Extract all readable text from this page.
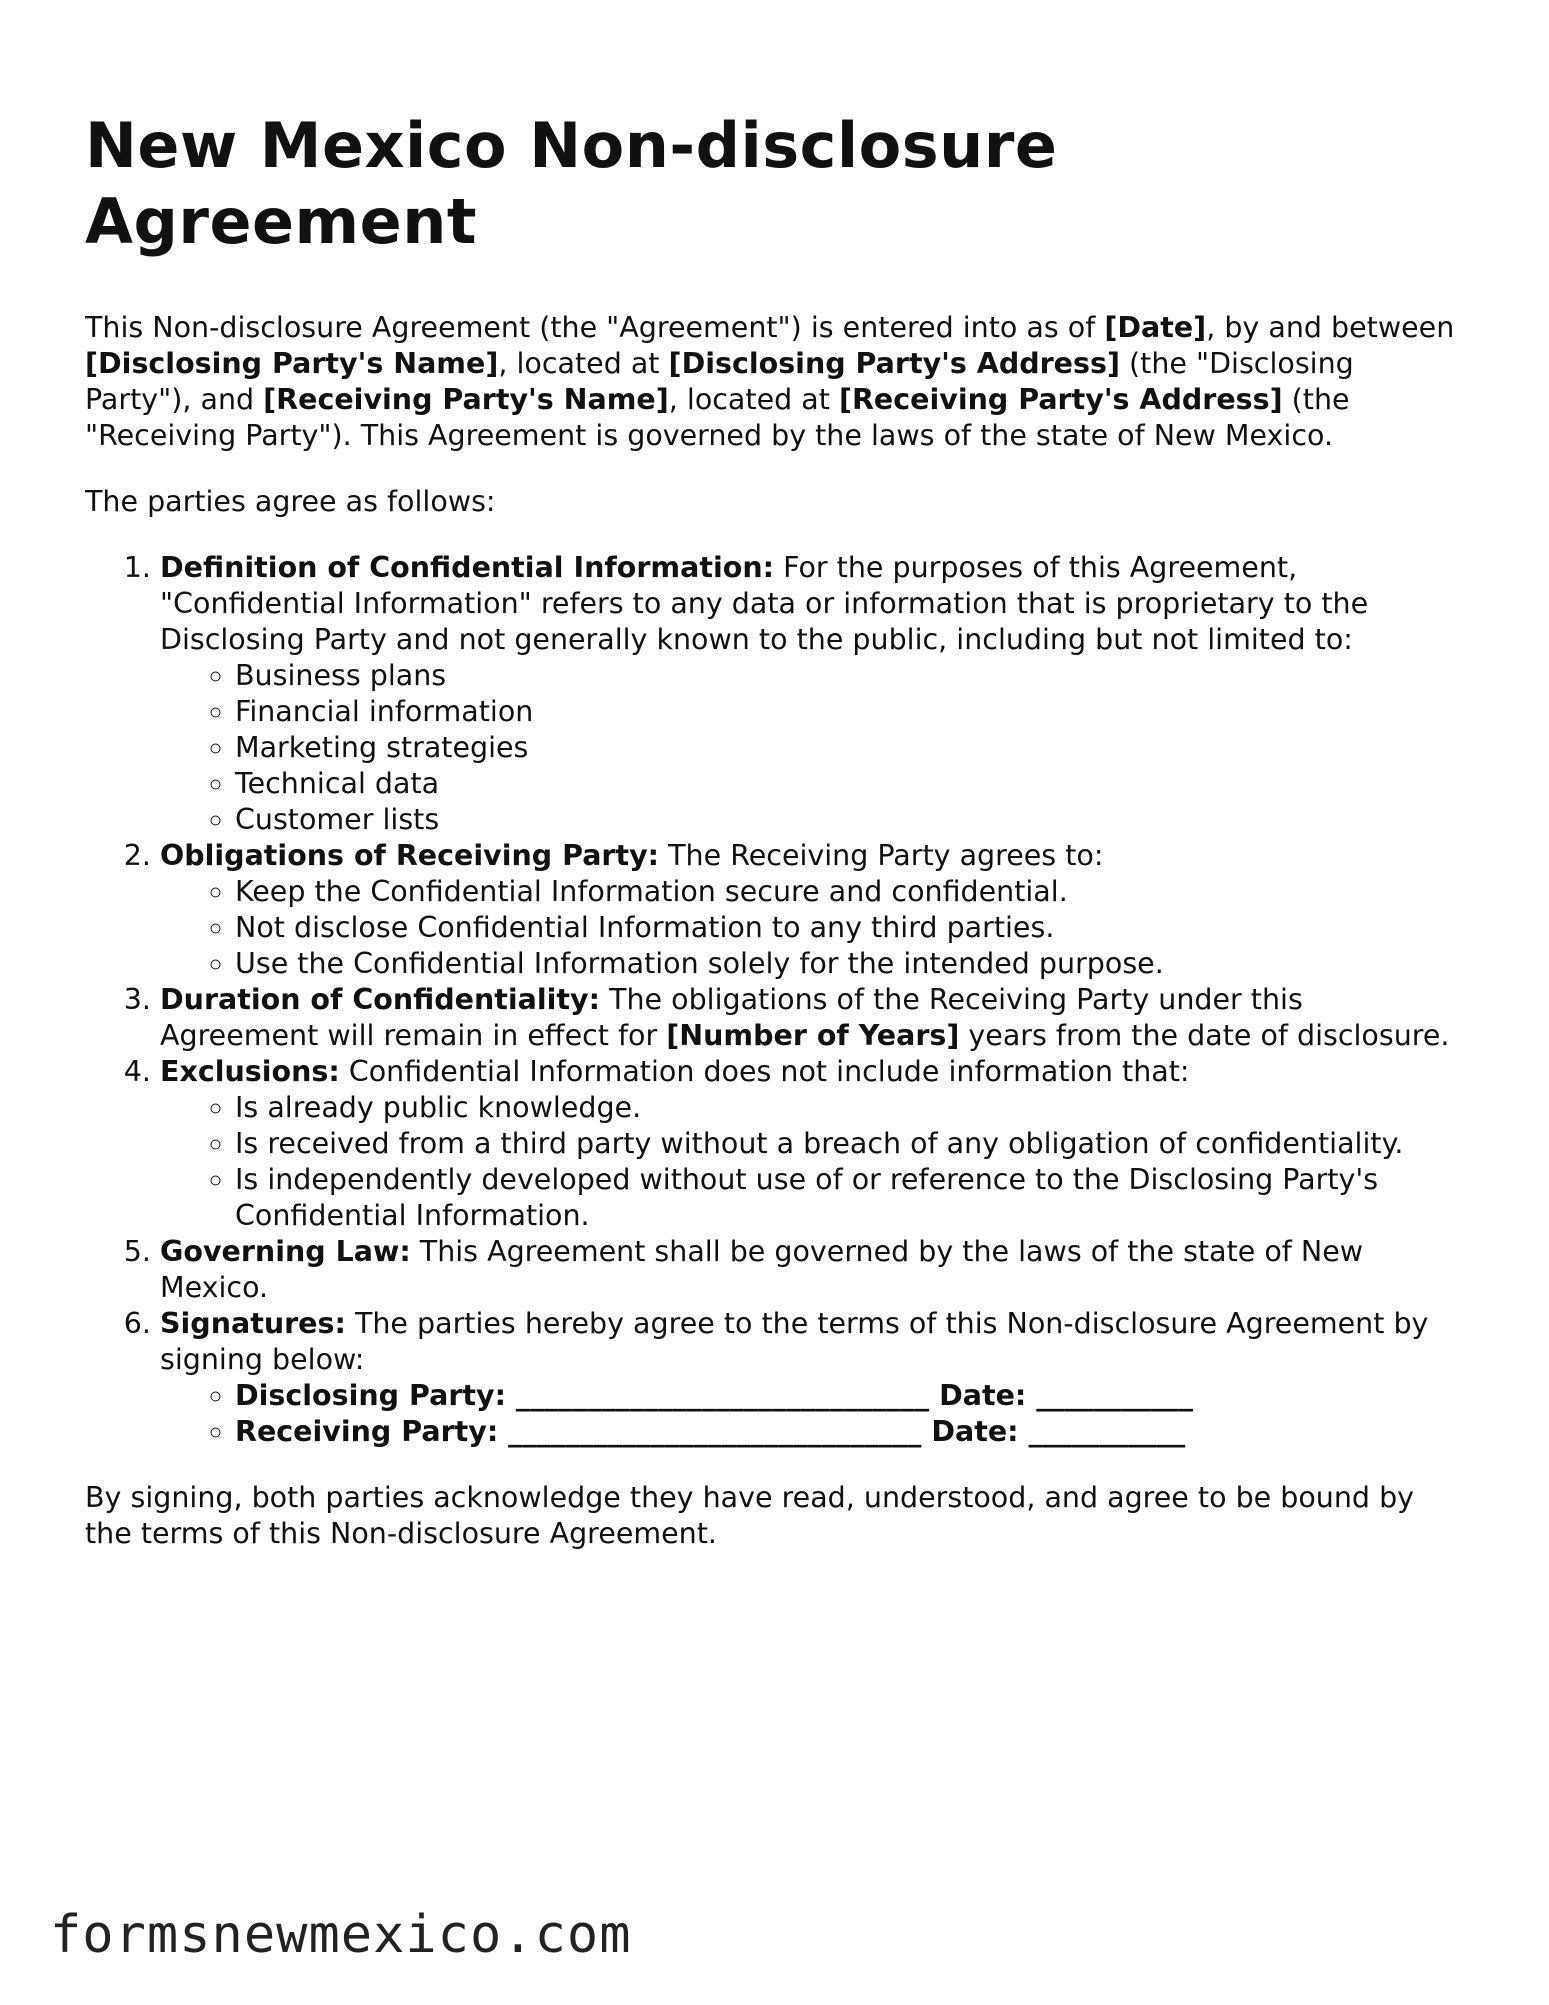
New Mexico Non-disclosure Agreement

This Non-disclosure Agreement (the "Agreement") is entered into as of [Date], by and between [Disclosing Party's Name], located at [Disclosing Party's Address] (the "Disclosing Party"), and [Receiving Party's Name], located at [Receiving Party's Address] (the "Receiving Party"). This Agreement is governed by the laws of the state of New Mexico.

The parties agree as follows:

1. Definition of Confidential Information: For the purposes of this Agreement, "Confidential Information" refers to any data or information that is proprietary to the Disclosing Party and not generally known to the public, including but not limited to:
◦ Business plans
◦ Financial information
◦ Marketing strategies
◦ Technical data
◦ Customer lists
2. Obligations of Receiving Party: The Receiving Party agrees to:
◦ Keep the Confidential Information secure and confidential.
◦ Not disclose Confidential Information to any third parties.
◦ Use the Confidential Information solely for the intended purpose.
3. Duration of Confidentiality: The obligations of the Receiving Party under this Agreement will remain in effect for [Number of Years] years from the date of disclosure.
4. Exclusions: Confidential Information does not include information that:
◦ Is already public knowledge.
◦ Is received from a third party without a breach of any obligation of confidentiality.
◦ Is independently developed without use of or reference to the Disclosing Party's Confidential Information.
5. Governing Law: This Agreement shall be governed by the laws of the state of New Mexico.
6. Signatures: The parties hereby agree to the terms of this Non-disclosure Agreement by signing below:
◦ Disclosing Party: _____________________________ Date: ___________
◦ Receiving Party: _____________________________ Date: ___________

By signing, both parties acknowledge they have read, understood, and agree to be bound by the terms of this Non-disclosure Agreement.

formsnewmexico.com
